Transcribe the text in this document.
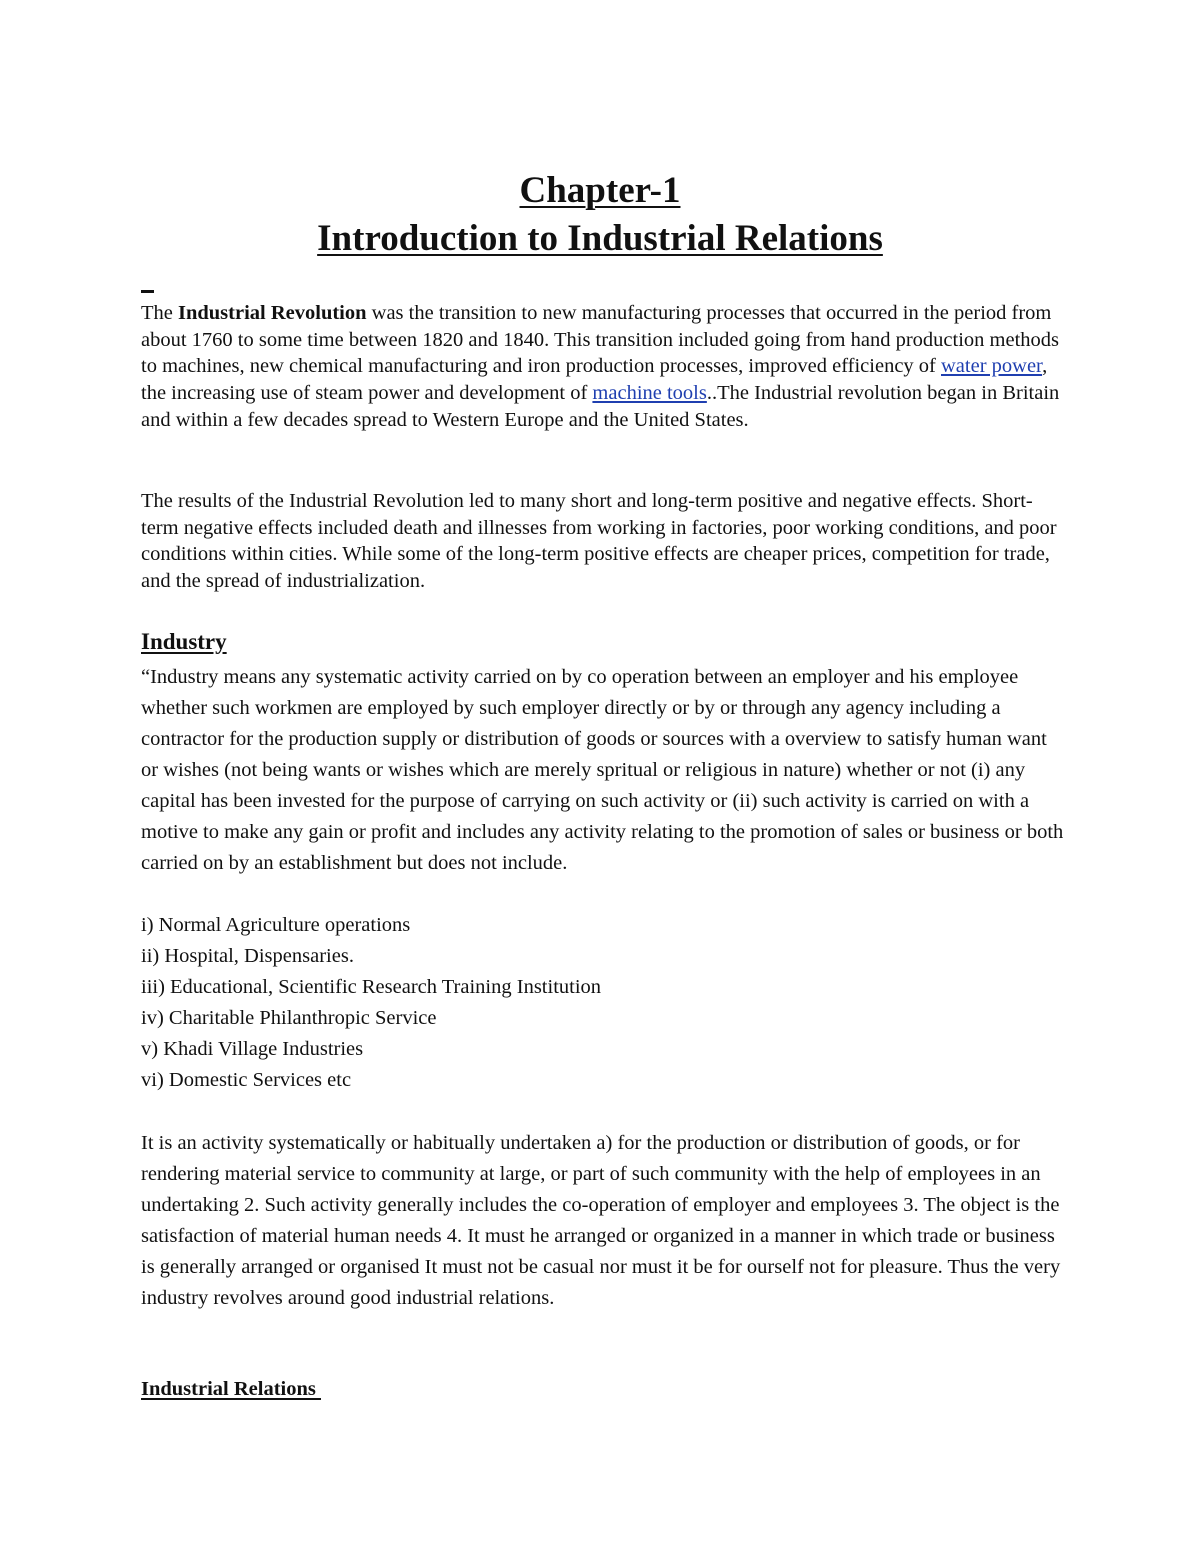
Chapter-1
Introduction to Industrial Relations

The Industrial Revolution was the transition to new manufacturing processes that occurred in the period from about 1760 to some time between 1820 and 1840. This transition included going from hand production methods to machines, new chemical manufacturing and iron production processes, improved efficiency of water power, the increasing use of steam power and development of machine tools..The Industrial revolution began in Britain and within a few decades spread to Western Europe and the United States.

The results of the Industrial Revolution led to many short and long-term positive and negative effects. Short-term negative effects included death and illnesses from working in factories, poor working conditions, and poor conditions within cities. While some of the long-term positive effects are cheaper prices, competition for trade, and the spread of industrialization.

Industry

“Industry means any systematic activity carried on by co operation between an employer and his employee whether such workmen are employed by such employer directly or by or through any agency including a contractor for the production supply or distribution of goods or sources with a overview to satisfy human want or wishes (not being wants or wishes which are merely spritual or religious in nature) whether or not (i) any capital has been invested for the purpose of carrying on such activity or (ii) such activity is carried on with a motive to make any gain or profit and includes any activity relating to the promotion of sales or business or both carried on by an establishment but does not include.

i) Normal Agriculture operations
ii) Hospital, Dispensaries.
iii) Educational, Scientific Research Training Institution
iv) Charitable Philanthropic Service
v) Khadi Village Industries
vi) Domestic Services etc

It is an activity systematically or habitually undertaken a) for the production or distribution of goods, or for rendering material service to community at large, or part of such community with the help of employees in an undertaking 2. Such activity generally includes the co-operation of employer and employees 3. The object is the satisfaction of material human needs 4. It must he arranged or organized in a manner in which trade or business is generally arranged or organised It must not be casual nor must it be for ourself not for pleasure. Thus the very industry revolves around good industrial relations.

Industrial Relations
